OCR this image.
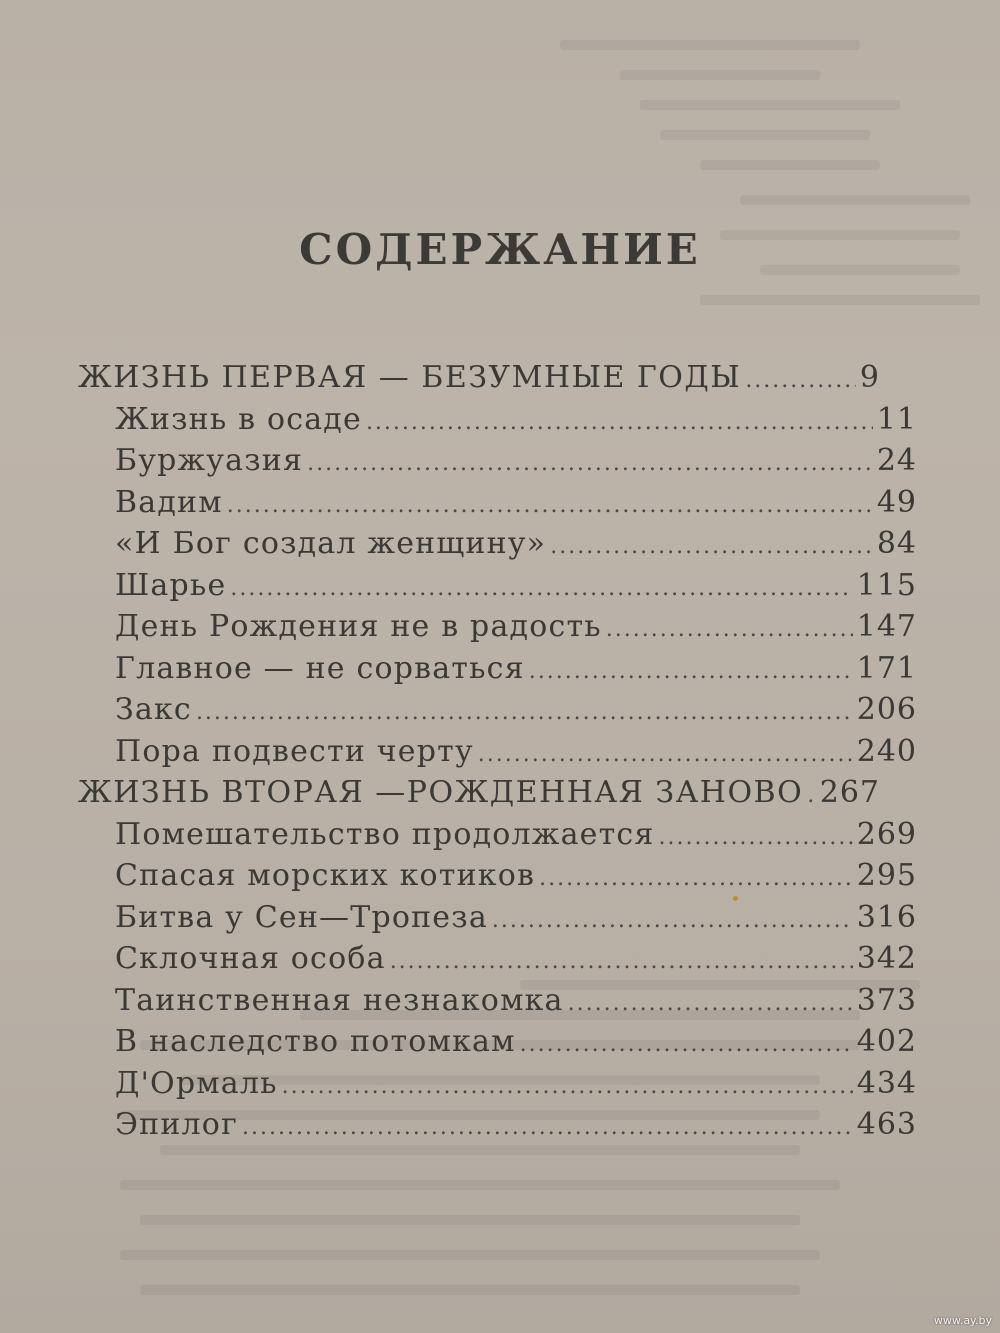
СОДЕРЖАНИЕ
ЖИЗНЬ ПЕРВАЯ — БЕЗУМНЫЕ ГОДЫ .....	9
Жизнь в осаде .....	11
Буржуазия .....	24
Вадим .....	49
«И Бог создал женщину» .....	84
Шарье .....	115
День Рождения не в радость .....	147
Главное — не сорваться .....	171
Закс .....	206
Пора подвести черту .....	240
ЖИЗНЬ ВТОРАЯ —РОЖДЕННАЯ ЗАНОВО ..... 267
Помешательство продолжается .....	269
Спасая морских котиков .....	295
Битва у Сен—Тропеза .....	316
Склочная особа .....	342
Таинственная незнакомка .....	373
В наследство потомкам .....	402
Д'Ормаль .....	434
Эпилог .....	463
www.ay.by
